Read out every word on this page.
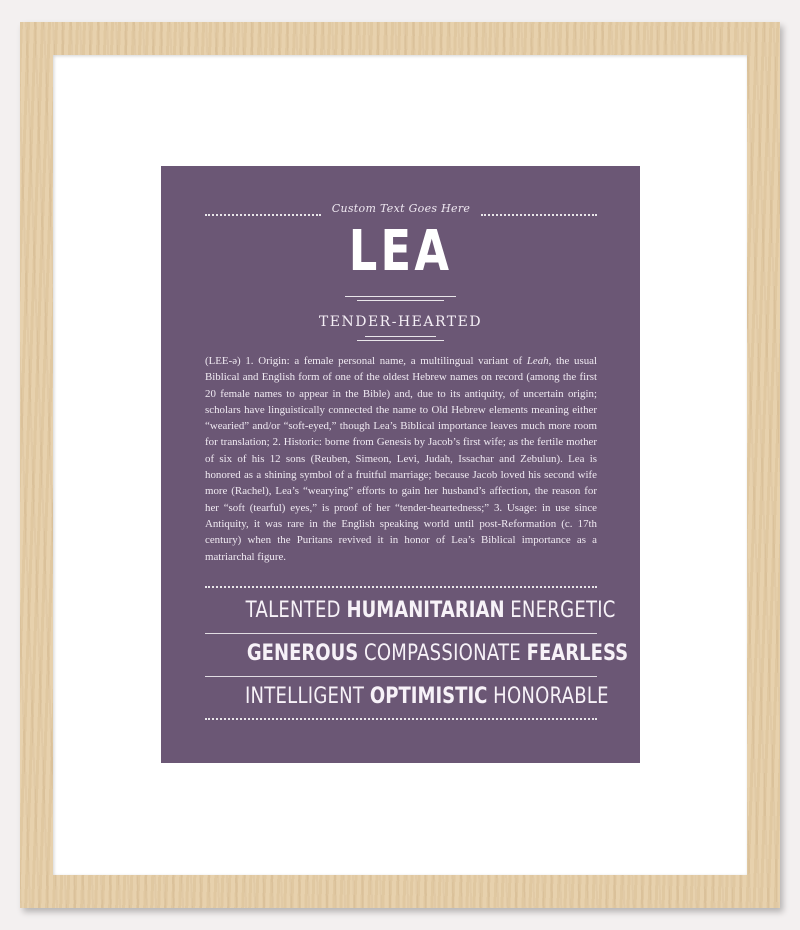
Custom Text Goes Here
LEA
TENDER-HEARTED
(LEE-ə) 1. Origin: a female personal name, a multilingual variant of Leah, the usual Biblical and English form of one of the oldest Hebrew names on record (among the first 20 female names to appear in the Bible) and, due to its antiquity, of uncertain origin; scholars have linguistically connected the name to Old Hebrew elements meaning either “wearied” and/or “soft-eyed,” though Lea’s Biblical importance leaves much more room for translation; 2. Historic: borne from Genesis by Jacob’s first wife; as the fertile mother of six of his 12 sons (Reuben, Simeon, Levi, Judah, Issachar and Zebulun). Lea is honored as a shining symbol of a fruitful marriage; because Jacob loved his second wife more (Rachel), Lea’s “wearying” efforts to gain her husband’s affection, the reason for her “soft (tearful) eyes,” is proof of her “tender-heartedness;” 3. Usage: in use since Antiquity, it was rare in the English speaking world until post-Reformation (c. 17th century) when the Puritans revived it in honor of Lea’s Biblical importance as a matriarchal figure.
TALENTED HUMANITARIAN ENERGETIC
GENEROUS COMPASSIONATE FEARLESS
INTELLIGENT OPTIMISTIC HONORABLE
